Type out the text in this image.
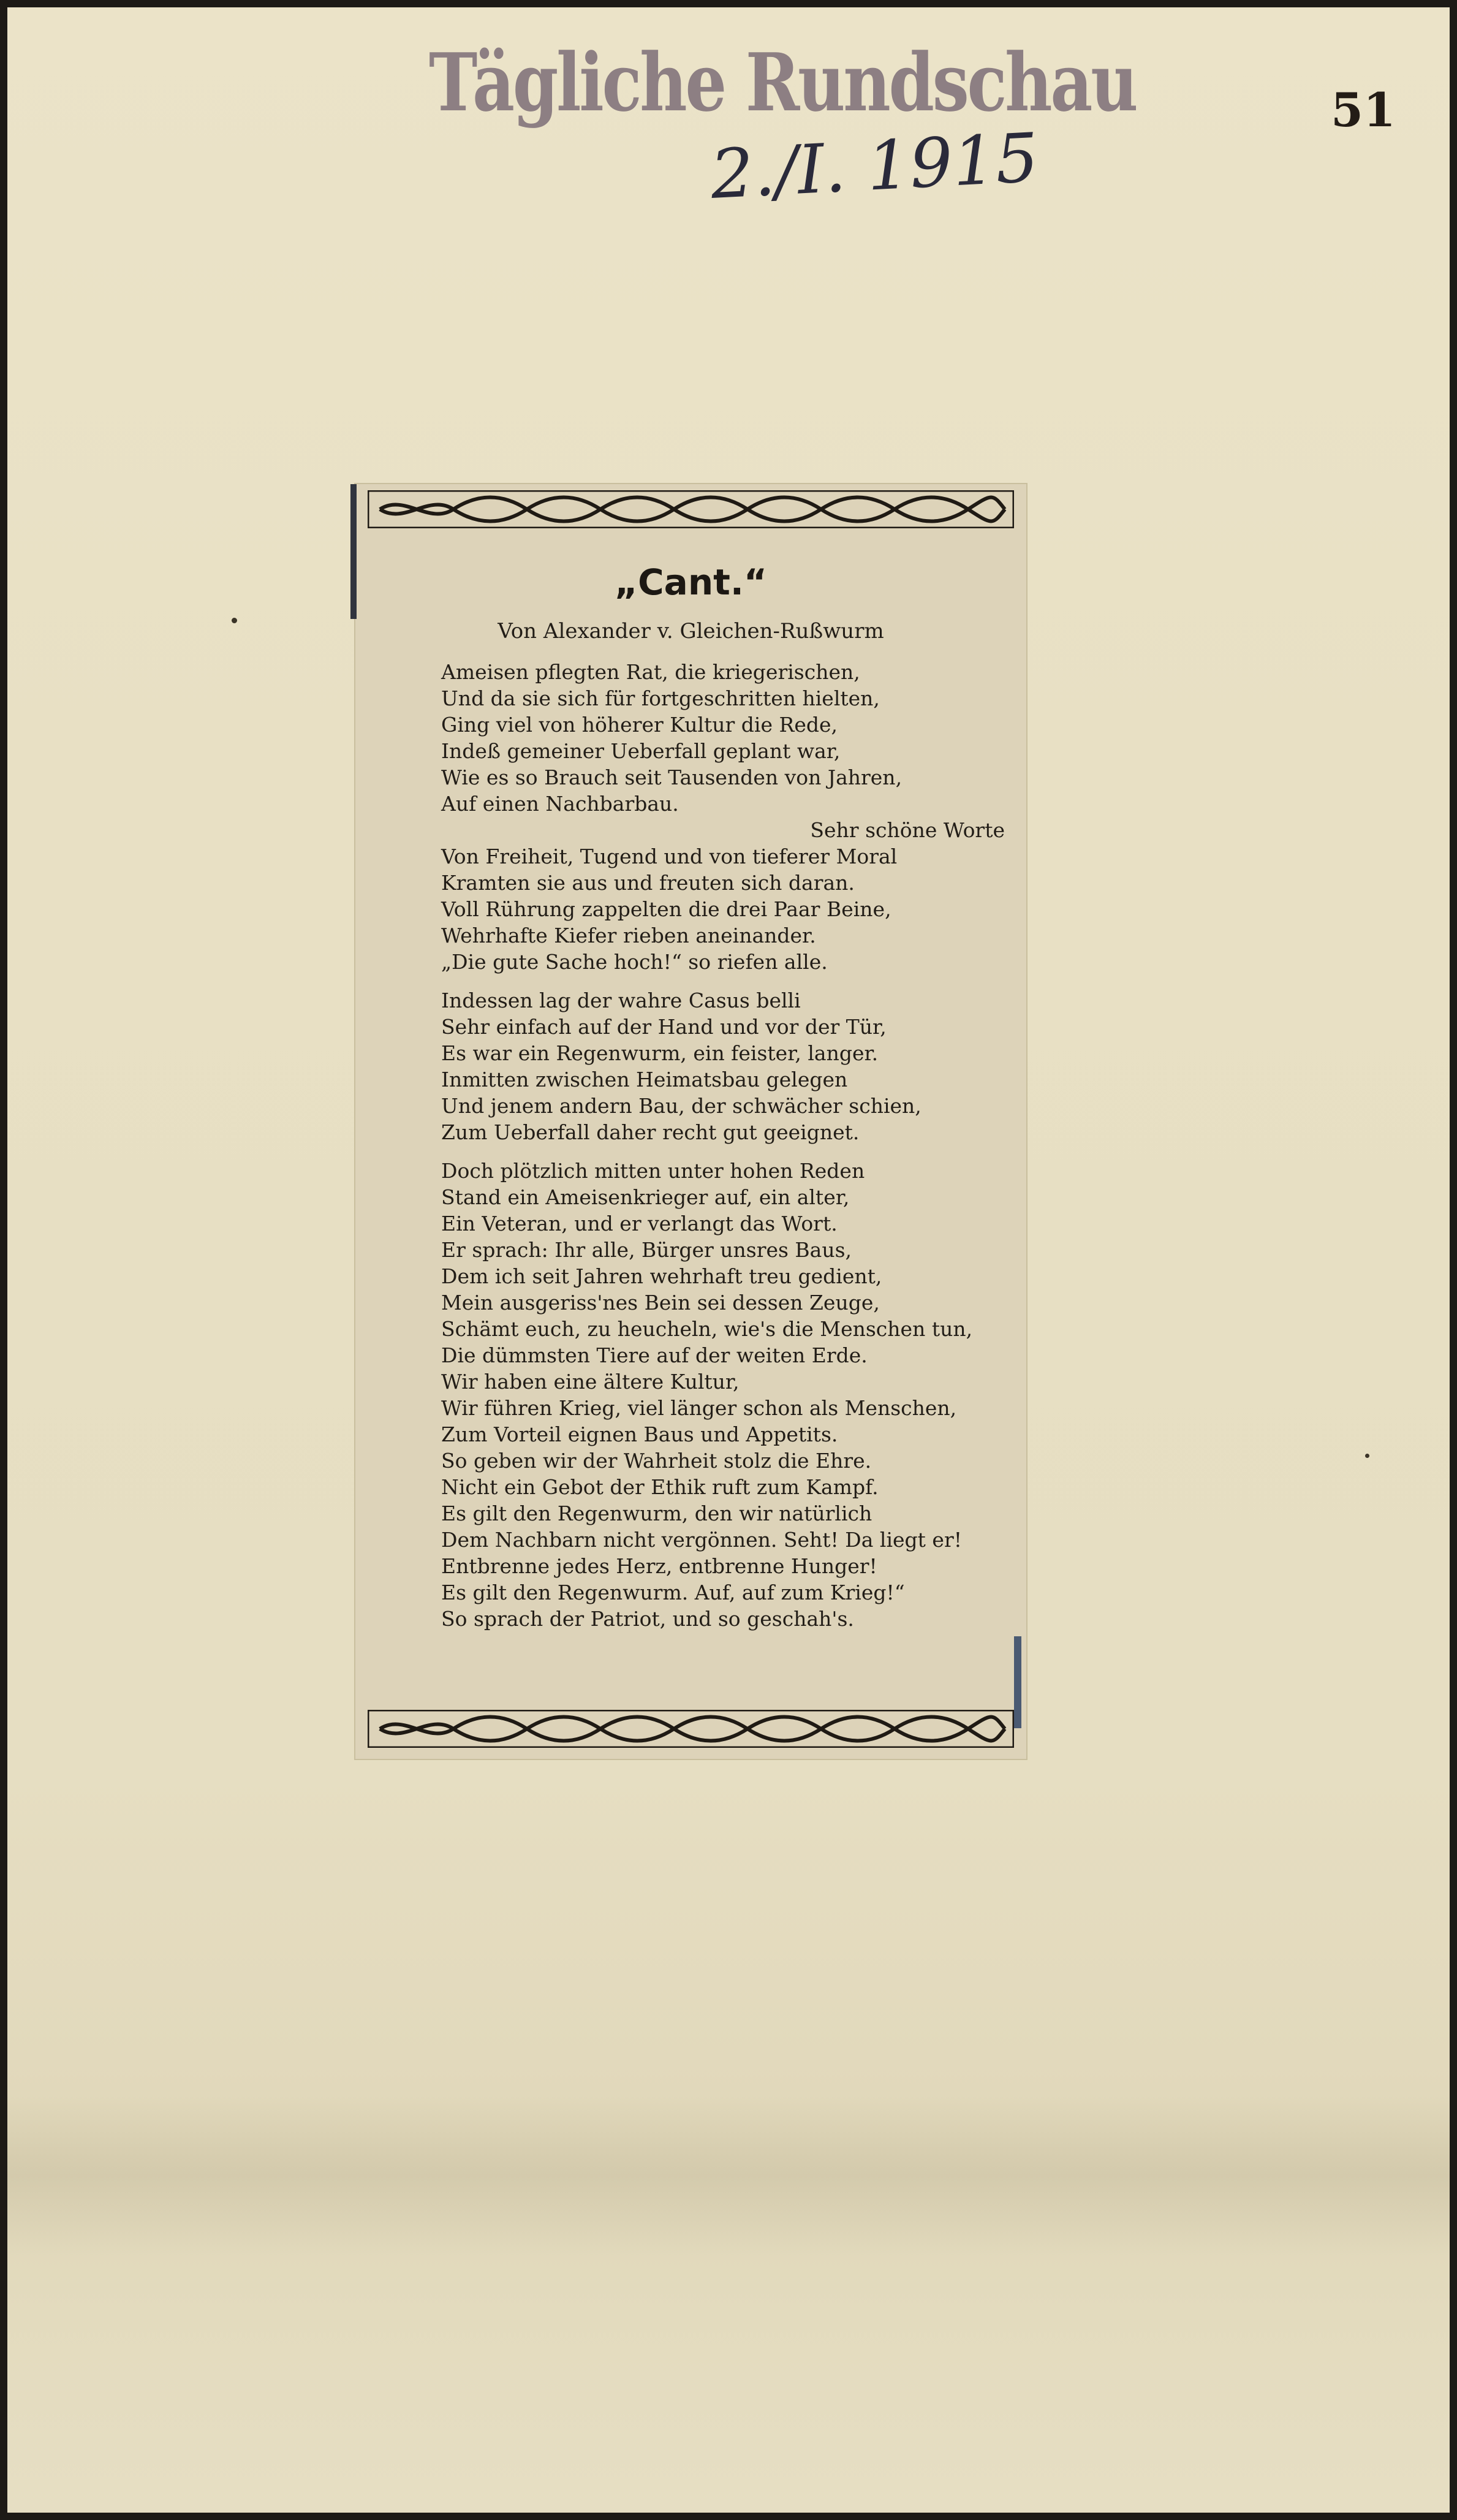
Tägliche Rundschau	51
2./I. 1915
„Cant.“
Von Alexander v. Gleichen-Rußwurm
Ameisen pflegten Rat, die kriegerischen,
Und da sie sich für fortgeschritten hielten,
Ging viel von höherer Kultur die Rede,
Indeß gemeiner Ueberfall geplant war,
Wie es so Brauch seit Tausenden von Jahren,
Auf einen Nachbarbau.
Sehr schöne Worte
Von Freiheit, Tugend und von tieferer Moral
Kramten sie aus und freuten sich daran.
Voll Rührung zappelten die drei Paar Beine,
Wehrhafte Kiefer rieben aneinander.
„Die gute Sache hoch!“ so riefen alle.
Indessen lag der wahre Casus belli
Sehr einfach auf der Hand und vor der Tür,
Es war ein Regenwurm, ein feister, langer.
Inmitten zwischen Heimatsbau gelegen
Und jenem andern Bau, der schwächer schien,
Zum Ueberfall daher recht gut geeignet.
Doch plötzlich mitten unter hohen Reden
Stand ein Ameisenkrieger auf, ein alter,
Ein Veteran, und er verlangt das Wort.
Er sprach: Ihr alle, Bürger unsres Baus,
Dem ich seit Jahren wehrhaft treu gedient,
Mein ausgeriss'nes Bein sei dessen Zeuge,
Schämt euch, zu heucheln, wie's die Menschen tun,
Die dümmsten Tiere auf der weiten Erde.
Wir haben eine ältere Kultur,
Wir führen Krieg, viel länger schon als Menschen,
Zum Vorteil eignen Baus und Appetits.
So geben wir der Wahrheit stolz die Ehre.
Nicht ein Gebot der Ethik ruft zum Kampf.
Es gilt den Regenwurm, den wir natürlich
Dem Nachbarn nicht vergönnen. Seht! Da liegt er!
Entbrenne jedes Herz, entbrenne Hunger!
Es gilt den Regenwurm. Auf, auf zum Krieg!“
So sprach der Patriot, und so geschah's.
